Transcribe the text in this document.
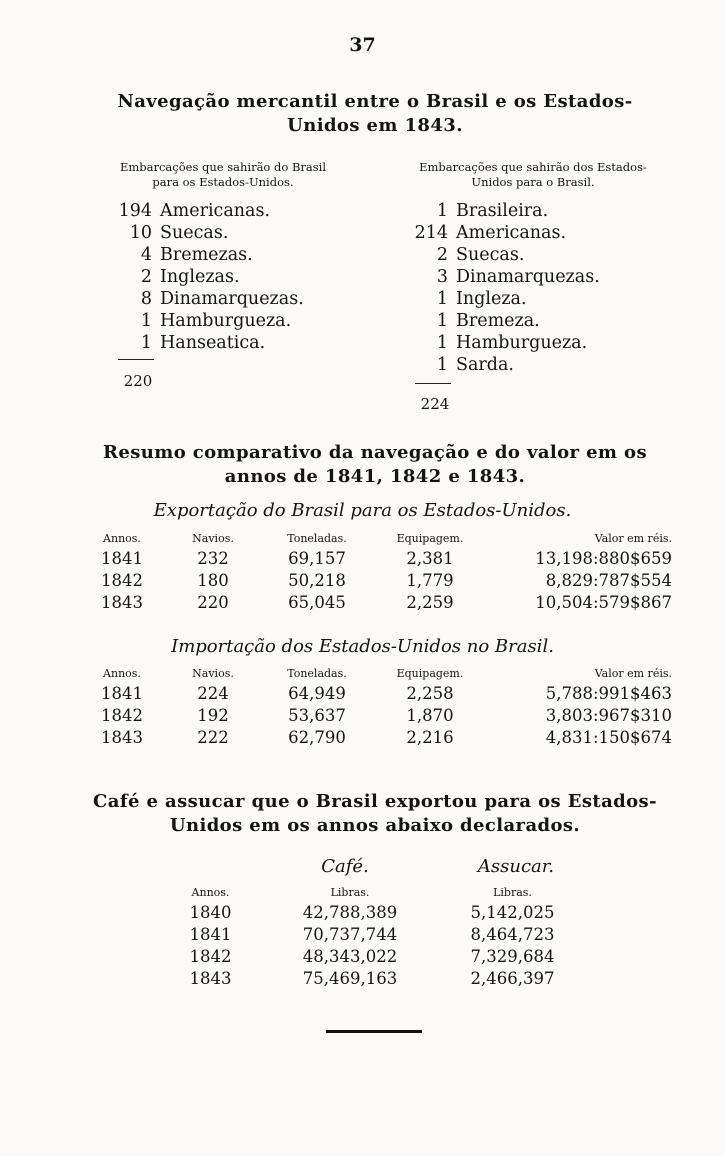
37
Navegação mercantil entre o Brasil e os Estados-
Unidos em 1843.
Embarcações que sahirão do Brasil
para os Estados-Unidos.
Embarcações que sahirão dos Estados-
Unidos para o Brasil.
194 Americanas.
10 Suecas.
4 Bremezas.
2 Inglezas.
8 Dinamarquezas.
1 Hamburgueza.
1 Hanseatica.
220
1 Brasileira.
214 Americanas.
2 Suecas.
3 Dinamarquezas.
1 Ingleza.
1 Bremeza.
1 Hamburgueza.
1 Sarda.
224
Resumo comparativo da navegação e do valor em os
annos de 1841, 1842 e 1843.
Exportação do Brasil para os Estados-Unidos.
Annos.	Navios.	Toneladas.	Equipagem.	Valor em réis.
1841	232	69,157	2,381	13,198:880$659
1842	180	50,218	1,779	8,829:787$554
1843	220	65,045	2,259	10,504:579$867
Importação dos Estados-Unidos no Brasil.
Annos.	Navios.	Toneladas.	Equipagem.	Valor em réis.
1841	224	64,949	2,258	5,788:991$463
1842	192	53,637	1,870	3,803:967$310
1843	222	62,790	2,216	4,831:150$674
Café e assucar que o Brasil exportou para os Estados-
Unidos em os annos abaixo declarados.
Café.	Assucar.
Annos.	Libras.	Libras.
1840	42,788,389	5,142,025
1841	70,737,744	8,464,723
1842	48,343,022	7,329,684
1843	75,469,163	2,466,397
